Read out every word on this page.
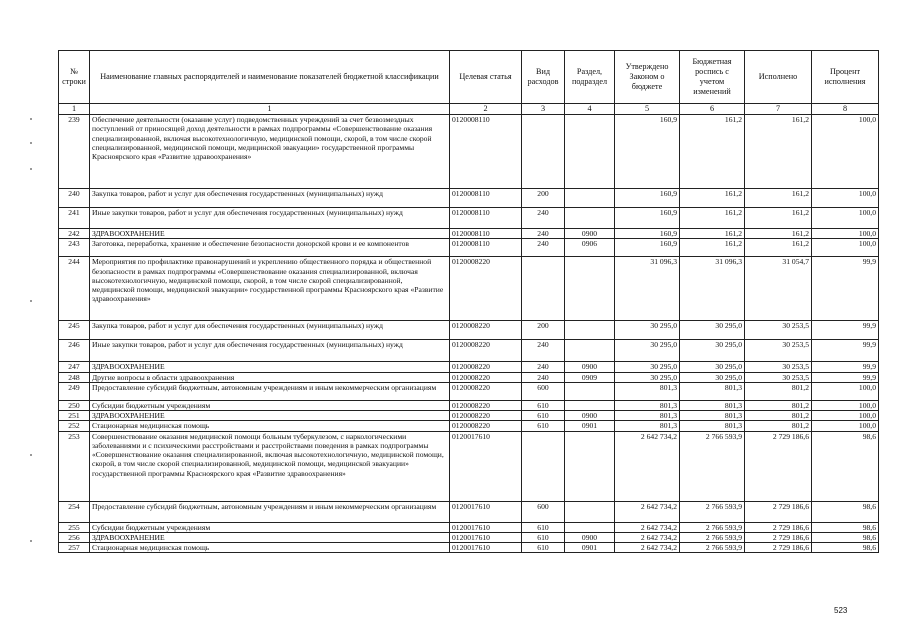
№ строки	Наименование главных распорядителей и наименование показателей бюджетной классификации	Целевая статья	Вид расходов	Раздел, подраздел	Утверждено Законом о бюджете	Бюджетная роспись с учетом изменений	Исполнено	Процент исполнения
1	1	2	3	4	5	6	7	8
239	Обеспечение деятельности (оказание услуг) подведомственных учреждений за счет безвозмездных поступлений от приносящей доход деятельности в рамках подпрограммы «Совершенствование оказания специализированной, включая высокотехнологичную, медицинской помощи, скорой, в том числе скорой специализированной, медицинской помощи, медицинской эвакуации» государственной программы Красноярского края «Развитие здравоохранения»	0120008110			160,9	161,2	161,2	100,0
240	Закупка товаров, работ и услуг для обеспечения государственных (муниципальных) нужд	0120008110	200		160,9	161,2	161,2	100,0
241	Иные закупки товаров, работ и услуг для обеспечения государственных (муниципальных) нужд	0120008110	240		160,9	161,2	161,2	100,0
242	ЗДРАВООХРАНЕНИЕ	0120008110	240	0900	160,9	161,2	161,2	100,0
243	Заготовка, переработка, хранение и обеспечение безопасности донорской крови и ее компонентов	0120008110	240	0906	160,9	161,2	161,2	100,0
244	Мероприятия по профилактике правонарушений и укреплению общественного порядка и общественной безопасности в рамках подпрограммы «Совершенствование оказания специализированной, включая высокотехнологичную, медицинской помощи, скорой, в том числе скорой специализированной, медицинской помощи, медицинской эвакуации» государственной программы Красноярского края «Развитие здравоохранения»	0120008220			31 096,3	31 096,3	31 054,7	99,9
245	Закупка товаров, работ и услуг для обеспечения государственных (муниципальных) нужд	0120008220	200		30 295,0	30 295,0	30 253,5	99,9
246	Иные закупки товаров, работ и услуг для обеспечения государственных (муниципальных) нужд	0120008220	240		30 295,0	30 295,0	30 253,5	99,9
247	ЗДРАВООХРАНЕНИЕ	0120008220	240	0900	30 295,0	30 295,0	30 253,5	99,9
248	Другие вопросы в области здравоохранения	0120008220	240	0909	30 295,0	30 295,0	30 253,5	99,9
249	Предоставление субсидий бюджетным, автономным учреждениям и иным некоммерческим организациям	0120008220	600		801,3	801,3	801,2	100,0
250	Субсидии бюджетным учреждениям	0120008220	610		801,3	801,3	801,2	100,0
251	ЗДРАВООХРАНЕНИЕ	0120008220	610	0900	801,3	801,3	801,2	100,0
252	Стационарная медицинская помощь	0120008220	610	0901	801,3	801,3	801,2	100,0
253	Совершенствование оказания медицинской помощи больным туберкулезом, с наркологическими заболеваниями и с психическими расстройствами и расстройствами поведения в рамках подпрограммы «Совершенствование оказания специализированной, включая высокотехнологичную, медицинской помощи, скорой, в том числе скорой специализированной, медицинской помощи, медицинской эвакуации» государственной программы Красноярского края «Развитие здравоохранения»	0120017610			2 642 734,2	2 766 593,9	2 729 186,6	98,6
254	Предоставление субсидий бюджетным, автономным учреждениям и иным некоммерческим организациям	0120017610	600		2 642 734,2	2 766 593,9	2 729 186,6	98,6
255	Субсидии бюджетным учреждениям	0120017610	610		2 642 734,2	2 766 593,9	2 729 186,6	98,6
256	ЗДРАВООХРАНЕНИЕ	0120017610	610	0900	2 642 734,2	2 766 593,9	2 729 186,6	98,6
257	Стационарная медицинская помощь	0120017610	610	0901	2 642 734,2	2 766 593,9	2 729 186,6	98,6
523
